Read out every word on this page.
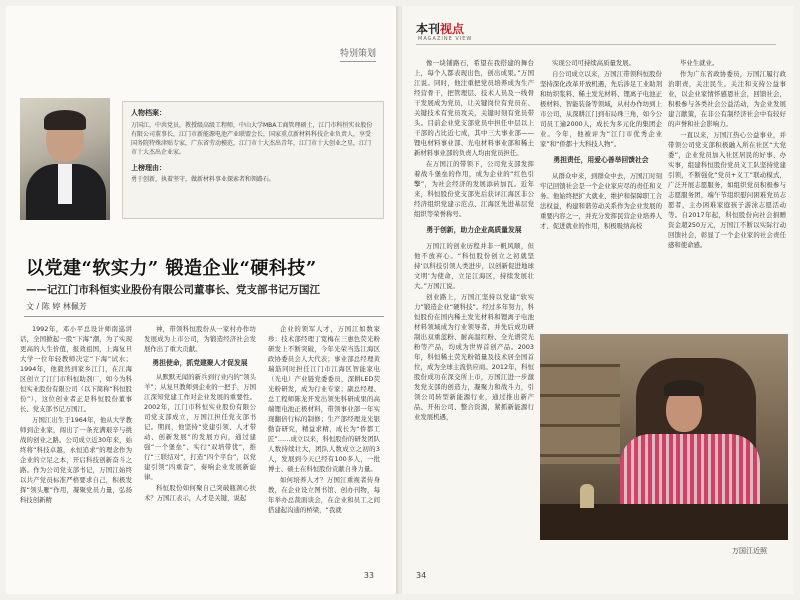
特别策划
人物档案：
万国江，中共党员，教授级高级工程师，中山大学MBA工商管理硕士，江门市科恒实业股份有限公司董事长，江门市新能源电池产业联盟会长，国家重点新材料科技企业负责人，享受国务院特殊津贴专家，广东省劳动模范，江门市十大杰出青年，江门市十大创业之星，江门市十大杰出企业家。
上榜理由：
勇于创新，执着坚守，做新材料事业探索者和领路石。
以党建“软实力” 锻造企业“硬科技”
——记江门市科恒实业股份有限公司董事长、党支部书记万国江
文 / 陈 婷 林佩芳

1992年，邓小平总设计师南巡讲话，全国掀起一股“下海”潮，为了实现更高的人生价值，报效祖国，上海复旦大学一位年轻教师决定“下海”试水；1994年，他毅然到家乡江门，在江海区创立了江门市科恒助剂厂，如今为科恒实业股份有限公司（以下简称“科恒股份”），这位创业者正是科恒股份董事长、党支部书记万国江。

万国江出生于1964年，他从大学教师到企业家，闯出了一条充满艰辛与挑战的创业之路。公司成立近30年来，始终将“科技卓越，永恒追求”的理念作为企业的立足之本，开启科技创新奋斗之路。作为公司党支部书记，万国江始终以共产党员标准严格要求自己，积极发挥“领头雁”作用，凝聚党员力量，弘扬科技创新精

神，带领科恒股份从一家村办作坊发展成为上市公司，为锻造经济社会发展作出了重大贡献。

勇担使命，抓党建聚人才促发展

从默默无闻的新兵到行业内的“领头羊”；从复旦教师到企业的一把手，万国江深知党建工作对企业发展的重要性。2002年，江门市科恒实业股份有限公司党支部成立，万国江担任党支部书记。期间，他坚持“党建引领、人才带动、创新发展”的发展方向，通过建强“一个堡垒”、实行“双培带优”，推行“三联结对”，打造“四个平台”，以党建引领“四重奋”，奏响企业发展新旋律。

科恒股份如何聚自己突破瓶颈心扶术？万国江表示，人才是关键，说起

企业的领军人才，万国江如数家珍：技术部经理丁宽梅在三惠色荧光粉研发上不断突破，今年光荣当选江海区政协委员会人大代表；事业部总经理黄瑞筋同时担任江门市江海区智能家电（光电）产业链党委委员，深耕LED荧光粉研发，成为行业专家；副总经理、总工程师陈龙开发出领先科研成果的高端锂电池正极材料，带领事业部一年实现翻倍行标的制修；生产部经理龙光银勤奋研究，精益求精，成长为“侨都工匠”……成立以来，科恒股份的研发团队人数持续壮大，团队人数成立之初的3人，发展到今天已经有100多人，一批博士、硕士在科恒股份贡献自身力量。

如何培养人才？万国江重视者传身教，在企业设立图书馆、创办刊物，每年举办总裁面谈会，在企业和员工之间搭建起沟通的桥梁，“我就

33
本刊视点
MAGAZINE VIEW

像一块铺路石，希望在我搭建的舞台上，每个人都表现出色，创出成果。”万国江说。同时，他注重把党员培养成为生产经营骨干，把管理层、技术人员及一线骨干发展成为党员，让关键岗位有党员在、关键技术有党员攻关，关键时刻有党员带头。目前企业党支部党员中担任中层以上干部的占比近七成，其中三大事业部——锂电材料事业部、光电材料事业部和稀土新材料事业部的负责人均由党员担任。

在万国江的带领下，公司党支部发挥着战斗堡垒的作用，成为企业的“红色引擎”，为社会经济的发展添砖加瓦。近年来，科恒股份党支部先后获评江海区非公经济组织党建示范点、江海区先进基层党组织等荣誉称号。

勇于创新，助力企业高质量发展

万国江的创业历程并非一帆风顺，但他不放弃心。“科恒股份创立之初就坚持‘以科技引领人类进步，以创新促进地球文明’为使命，立足江海区，持续发展壮大。”万国江说。

创业路上，万国江坚持以党建“软实力”锻造企业“硬科技”。经过多年努力，科恒股份在国内稀土发光材料和锂离子电池材料领域成为行业领导者，并先后成功研制出双重蓝粉、耐高温红粉、全光谱荧光粉等产品，均成为世界首创产品。2003年，科恒稀土荧光粉销量及技术居全国首位，成为全球主流供应商。2012年，科恒股份成功在深交所上市，万国江进一步激发党支部的创造力，凝聚力和战斗力，引领公司转型新能源行业，通过推出新产品、开拓公司、整合资源，紧抓新能源行业发展机遇，

实现公司可持续高质量发展。

自公司成立以来，万国江带领科恒股份坚持深化改革开放机遇，先后涉足工业助剂和纺织浆料、稀土发光材料、锂离子电池正极材料、智能装备等领域，从村办作坊到上市公司，从深耕江门到布局珠三角，如今公司员工逾2000人，成长为多元化的集团企业。今年，他被评为“江门市优秀企业家”和“侨都十大科技人物”。

勇担责任，用爱心善举回馈社会

从群众中来，到群众中去，万国江时刻牢记回馈社会是一个企业家应尽的责任和义务。他始终把扩大就业、维护和保障职工合法权益，构建和谐劳动关系作为企业发展的重要内容之一，并充分发挥民营企业培养人才、促进就业的作用，积极吸纳高校

毕业生就业。

作为广东省政协委员，万国江履行政治职责，关注民生。关注和支持公益事业，以企业家情怀感恩社会，回馈社会，积极参与各类社会公益活动，为企业发展建言献策，在非公有制经济社会中有较好的声誉和社会影响力。

一直以来，万国江热心公益事业，并带领公司党支部积极融入所在社区“大党委”，企业党员加入社区居民的好事、办实事，组建科恒股份党员义工队坚持党建引领，不断强化“党员+义工”联动模式，广泛开展志愿服务，如组织党员积极参与志愿服务团，端午节组织慰问困难党员志愿者，主办困难家庭孩子游泳志愿活动等。自2017年起，科恒股份向社会捐赠资金超250万元，万国江不断以实际行动回馈社会，彰显了一个企业家的社会责任感和使命感。

万国江近照
34
